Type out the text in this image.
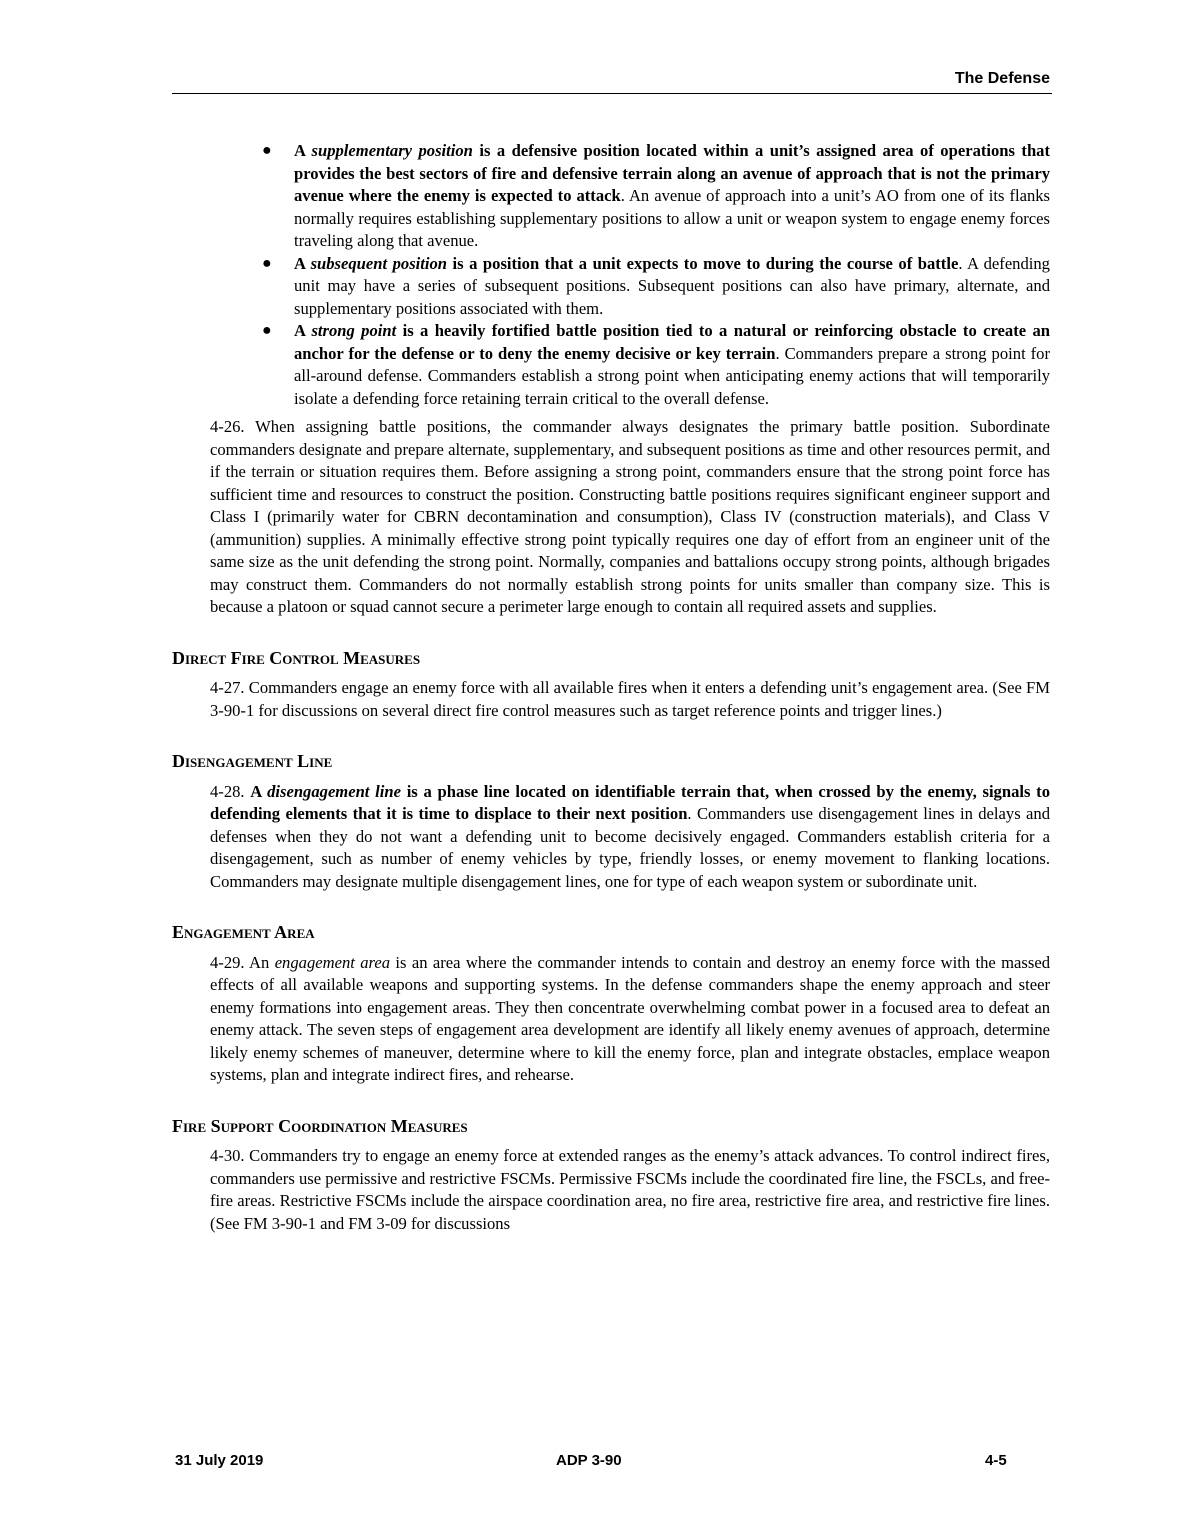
The Defense
● A supplementary position is a defensive position located within a unit’s assigned area of operations that provides the best sectors of fire and defensive terrain along an avenue of approach that is not the primary avenue where the enemy is expected to attack. An avenue of approach into a unit’s AO from one of its flanks normally requires establishing supplementary positions to allow a unit or weapon system to engage enemy forces traveling along that avenue.
● A subsequent position is a position that a unit expects to move to during the course of battle. A defending unit may have a series of subsequent positions. Subsequent positions can also have primary, alternate, and supplementary positions associated with them.
● A strong point is a heavily fortified battle position tied to a natural or reinforcing obstacle to create an anchor for the defense or to deny the enemy decisive or key terrain. Commanders prepare a strong point for all-around defense. Commanders establish a strong point when anticipating enemy actions that will temporarily isolate a defending force retaining terrain critical to the overall defense.

4-26. When assigning battle positions, the commander always designates the primary battle position. Subordinate commanders designate and prepare alternate, supplementary, and subsequent positions as time and other resources permit, and if the terrain or situation requires them. Before assigning a strong point, commanders ensure that the strong point force has sufficient time and resources to construct the position. Constructing battle positions requires significant engineer support and Class I (primarily water for CBRN decontamination and consumption), Class IV (construction materials), and Class V (ammunition) supplies. A minimally effective strong point typically requires one day of effort from an engineer unit of the same size as the unit defending the strong point. Normally, companies and battalions occupy strong points, although brigades may construct them. Commanders do not normally establish strong points for units smaller than company size. This is because a platoon or squad cannot secure a perimeter large enough to contain all required assets and supplies.

Direct Fire Control Measures

4-27. Commanders engage an enemy force with all available fires when it enters a defending unit’s engagement area. (See FM 3-90-1 for discussions on several direct fire control measures such as target reference points and trigger lines.)

Disengagement Line

4-28. A disengagement line is a phase line located on identifiable terrain that, when crossed by the enemy, signals to defending elements that it is time to displace to their next position. Commanders use disengagement lines in delays and defenses when they do not want a defending unit to become decisively engaged. Commanders establish criteria for a disengagement, such as number of enemy vehicles by type, friendly losses, or enemy movement to flanking locations. Commanders may designate multiple disengagement lines, one for type of each weapon system or subordinate unit.

Engagement Area

4-29. An engagement area is an area where the commander intends to contain and destroy an enemy force with the massed effects of all available weapons and supporting systems. In the defense commanders shape the enemy approach and steer enemy formations into engagement areas. They then concentrate overwhelming combat power in a focused area to defeat an enemy attack. The seven steps of engagement area development are identify all likely enemy avenues of approach, determine likely enemy schemes of maneuver, determine where to kill the enemy force, plan and integrate obstacles, emplace weapon systems, plan and integrate indirect fires, and rehearse.

Fire Support Coordination Measures

4-30. Commanders try to engage an enemy force at extended ranges as the enemy’s attack advances. To control indirect fires, commanders use permissive and restrictive FSCMs. Permissive FSCMs include the coordinated fire line, the FSCLs, and free-fire areas. Restrictive FSCMs include the airspace coordination area, no fire area, restrictive fire area, and restrictive fire lines. (See FM 3-90-1 and FM 3-09 for discussions

31 July 2019	ADP 3-90	4-5
